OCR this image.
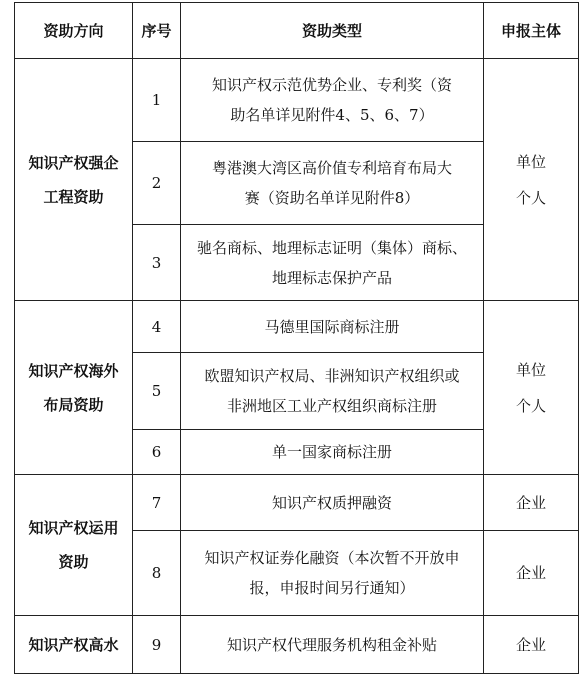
资助方向	序号	资助类型	申报主体

知识产权强企
工程资助	1	知识产权示范优势企业、专利奖（资
助名单详见附件4、5、6、7）	单位
个人

	2	粤港澳大湾区高价值专利培育布局大
赛（资助名单详见附件8）	

	3	驰名商标、地理标志证明（集体）商标、
地理标志保护产品	

知识产权海外
布局资助	4	马德里国际商标注册	单位
个人

	5	欧盟知识产权局、非洲知识产权组织或
非洲地区工业产权组织商标注册	

	6	单一国家商标注册	

知识产权运用
资助	7	知识产权质押融资	企业
	8	知识产权证券化融资（本次暂不开放申
报，申报时间另行通知）	企业

知识产权高水	9	知识产权代理服务机构租金补贴	企业
